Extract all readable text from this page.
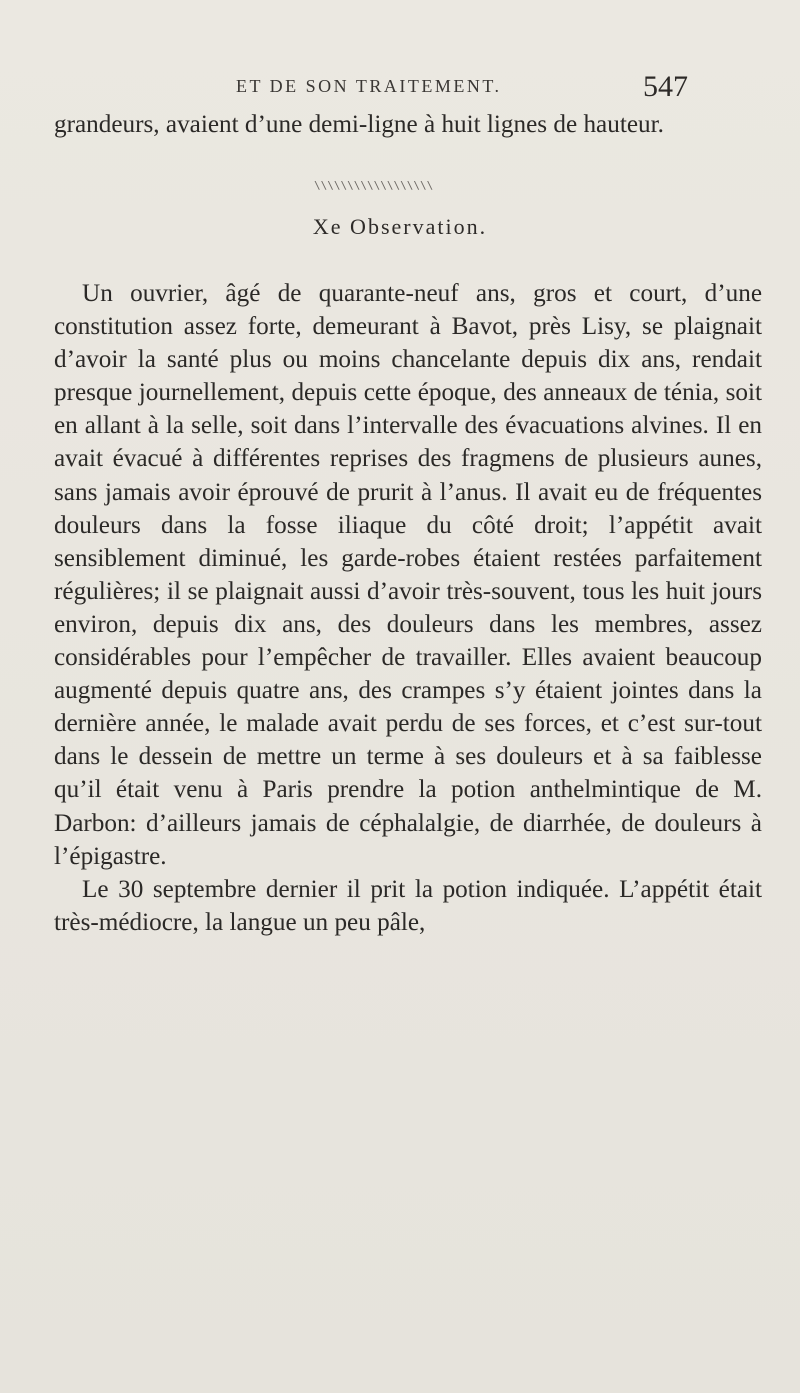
ET DE SON TRAITEMENT.	547

grandeurs, avaient d’une demi-ligne à huit lignes de hauteur.

\\\\\\\\\\\\\\\\\\
Xe Observation.

Un ouvrier, âgé de quarante-neuf ans, gros et court, d’une constitution assez forte, demeurant à Bavot, près Lisy, se plaignait d’avoir la santé plus ou moins chancelante depuis dix ans, rendait presque journellement, depuis cette époque, des anneaux de ténia, soit en allant à la selle, soit dans l’intervalle des évacuations alvines. Il en avait évacué à différentes reprises des fragmens de plusieurs aunes, sans jamais avoir éprouvé de prurit à l’anus. Il avait eu de fréquentes douleurs dans la fosse iliaque du côté droit; l’appétit avait sensiblement diminué, les garde-robes étaient restées parfaitement régulières; il se plaignait aussi d’avoir très-souvent, tous les huit jours environ, depuis dix ans, des douleurs dans les membres, assez considérables pour l’empêcher de travailler. Elles avaient beaucoup augmenté depuis quatre ans, des crampes s’y étaient jointes dans la dernière année, le malade avait perdu de ses forces, et c’est sur-tout dans le dessein de mettre un terme à ses douleurs et à sa faiblesse qu’il était venu à Paris prendre la potion anthelmintique de M. Darbon: d’ailleurs jamais de céphalalgie, de diarrhée, de douleurs à l’épigastre.

Le 30 septembre dernier il prit la potion indiquée. L’appétit était très-médiocre, la langue un peu pâle,
